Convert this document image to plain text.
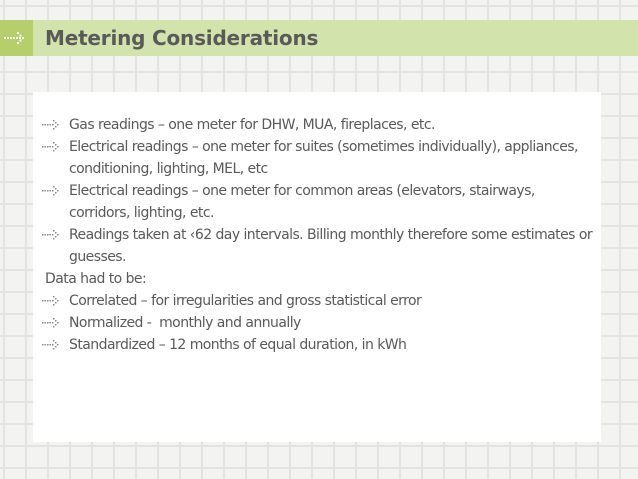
Metering Considerations
Gas readings – one meter for DHW, MUA, fireplaces, etc.
Electrical readings – one meter for suites (sometimes individually), appliances, conditioning, lighting, MEL, etc
Electrical readings – one meter for common areas (elevators, stairways, corridors, lighting, etc.
Readings taken at ‹62 day intervals. Billing monthly therefore some estimates or guesses.

Data had to be:

Correlated – for irregularities and gross statistical error
Normalized -  monthly and annually
Standardized – 12 months of equal duration, in kWh
